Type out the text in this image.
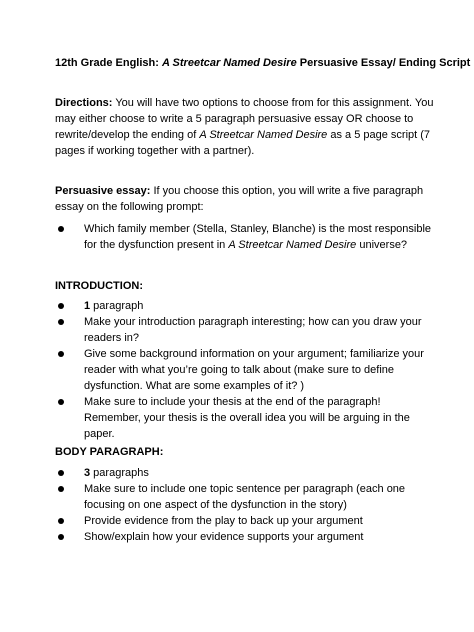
12th Grade English: A Streetcar Named Desire Persuasive Essay/ Ending Script
Directions: You will have two options to choose from for this assignment. You may either choose to write a 5 paragraph persuasive essay OR choose to rewrite/develop the ending of A Streetcar Named Desire as a 5 page script (7 pages if working together with a partner).
Persuasive essay: If you choose this option, you will write a five paragraph essay on the following prompt:
Which family member (Stella, Stanley, Blanche) is the most responsible for the dysfunction present in A Streetcar Named Desire universe?
INTRODUCTION:
1 paragraph
Make your introduction paragraph interesting; how can you draw your readers in?
Give some background information on your argument; familiarize your reader with what you’re going to talk about (make sure to define dysfunction. What are some examples of it? )
Make sure to include your thesis at the end of the paragraph! Remember, your thesis is the overall idea you will be arguing in the paper.
BODY PARAGRAPH:
3 paragraphs
Make sure to include one topic sentence per paragraph (each one focusing on one aspect of the dysfunction in the story)
Provide evidence from the play to back up your argument
Show/explain how your evidence supports your argument
